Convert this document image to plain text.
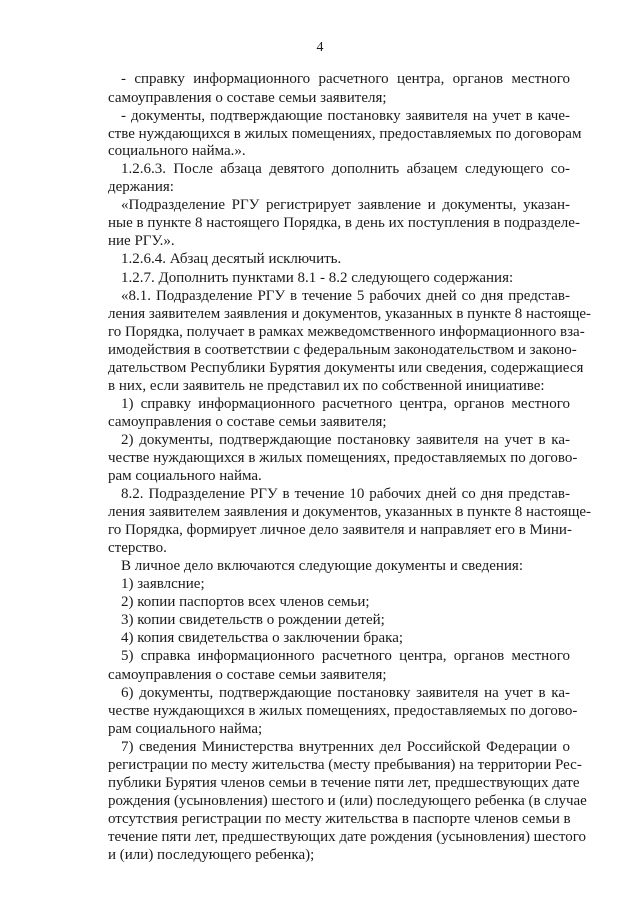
4
- справку информационного расчетного центра, органов местного
самоуправления о составе семьи заявителя;
- документы, подтверждающие постановку заявителя на учет в каче-
стве нуждающихся в жилых помещениях, предоставляемых по договорам
социального найма.».
1.2.6.3. После абзаца девятого дополнить абзацем следующего со-
держания:
«Подразделение РГУ регистрирует заявление и документы, указан-
ные в пункте 8 настоящего Порядка, в день их поступления в подразделе-
ние РГУ.».
1.2.6.4. Абзац десятый исключить.
1.2.7. Дополнить пунктами 8.1 - 8.2 следующего содержания:
«8.1. Подразделение РГУ в течение 5 рабочих дней со дня представ-
ления заявителем заявления и документов, указанных в пункте 8 настояще-
го Порядка, получает в рамках межведомственного информационного вза-
имодействия в соответствии с федеральным законодательством и законо-
дательством Республики Бурятия документы или сведения, содержащиеся
в них, если заявитель не представил их по собственной инициативе:
1) справку информационного расчетного центра, органов местного
самоуправления о составе семьи заявителя;
2) документы, подтверждающие постановку заявителя на учет в ка-
честве нуждающихся в жилых помещениях, предоставляемых по догово-
рам социального найма.
8.2. Подразделение РГУ в течение 10 рабочих дней со дня представ-
ления заявителем заявления и документов, указанных в пункте 8 настояще-
го Порядка, формирует личное дело заявителя и направляет его в Мини-
стерство.
В личное дело включаются следующие документы и сведения:
1) заявлсние;
2) копии паспортов всех членов семьи;
3) копии свидетельств о рождении детей;
4) копия свидетельства о заключении брака;
5) справка информационного расчетного центра, органов местного
самоуправления о составе семьи заявителя;
6) документы, подтверждающие постановку заявителя на учет в ка-
честве нуждающихся в жилых помещениях, предоставляемых по догово-
рам социального найма;
7) сведения Министерства внутренних дел Российской Федерации о
регистрации по месту жительства (месту пребывания) на территории Рес-
публики Бурятия членов семьи в течение пяти лет, предшествующих дате
рождения (усыновления) шестого и (или) последующего ребенка (в случае
отсутствия регистрации по месту жительства в паспорте членов семьи в
течение пяти лет, предшествующих дате рождения (усыновления) шестого
и (или) последующего ребенка);
